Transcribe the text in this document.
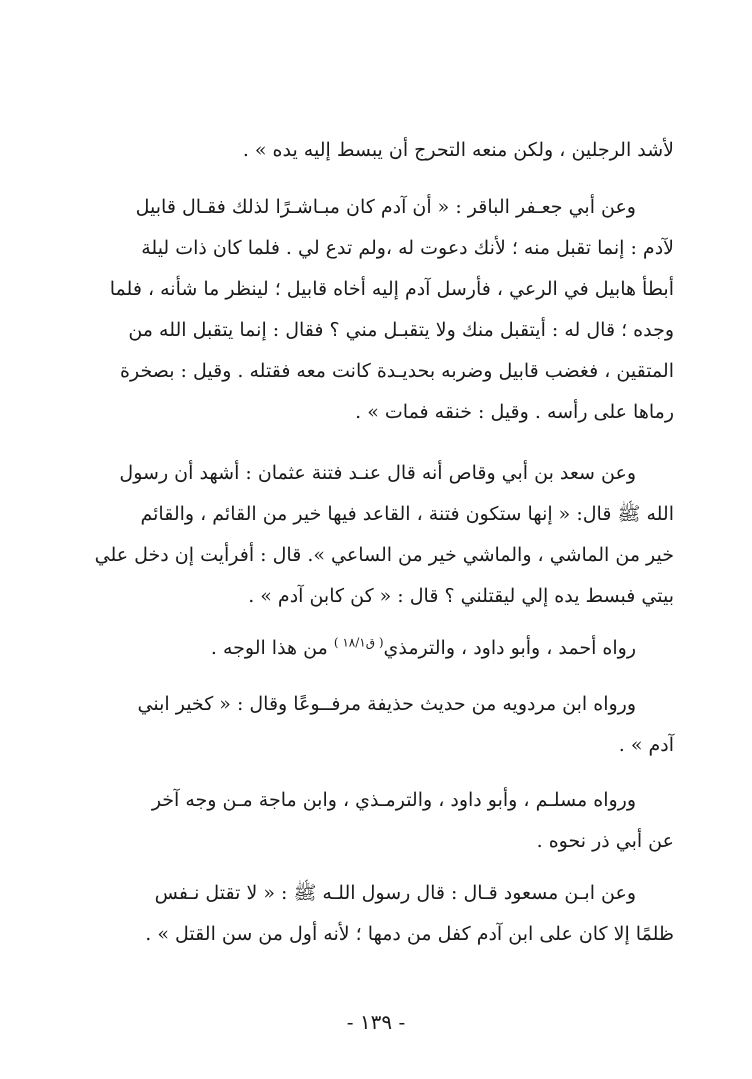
لأشد الرجلين ، ولكن منعه التحرج أن يبسط إليه يده » .

وعن أبي جعـفر الباقر : « أن آدم كان مبـاشـرًا لذلك فقـال قابيل

لآدم : إنما تقبل منه ؛ لأنك دعوت له ،ولم تدع لي . فلما كان ذات ليلة

أبطأ هابيل في الرعي ، فأرسل آدم إليه أخاه قابيل ؛ لينظر ما شأنه ، فلما

وجده ؛ قال له : أيتقبل منك ولا يتقبـل مني ؟ فقال : إنما يتقبل الله من

المتقين ، فغضب قابيل وضربه بحديـدة كانت معه فقتله . وقيل : بصخرة

رماها على رأسه . وقيل : خنقه فمات » .

وعن سعد بن أبي وقاص أنه قال عنـد فتنة عثمان : أشهد أن رسول

الله ﷺ قال: « إنها ستكون فتنة ، القاعد فيها خير من القائم ، والقائم

خير من الماشي ، والماشي خير من الساعي ». قال : أفرأيت إن دخل علي

بيتي فبسط يده إلي ليقتلني ؟ قال : « كن كابن آدم » .

رواه أحمد ، وأبو داود ، والترمذي$^{( ق١٨/١ )}$ من هذا الوجه .

ورواه ابن مردويه من حديث حذيفة مرفــوعًا وقال : « كخير ابني

آدم » .

ورواه مسلـم ، وأبو داود ، والترمـذي ، وابن ماجة مـن وجه آخر

عن أبي ذر نحوه .

وعن ابـن مسعود قـال : قال رسول اللـه ﷺ : « لا تقتل نـفس

ظلمًا إلا كان على ابن آدم كفل من دمها ؛ لأنه أول من سن القتل » .

- ١٣٩ -
